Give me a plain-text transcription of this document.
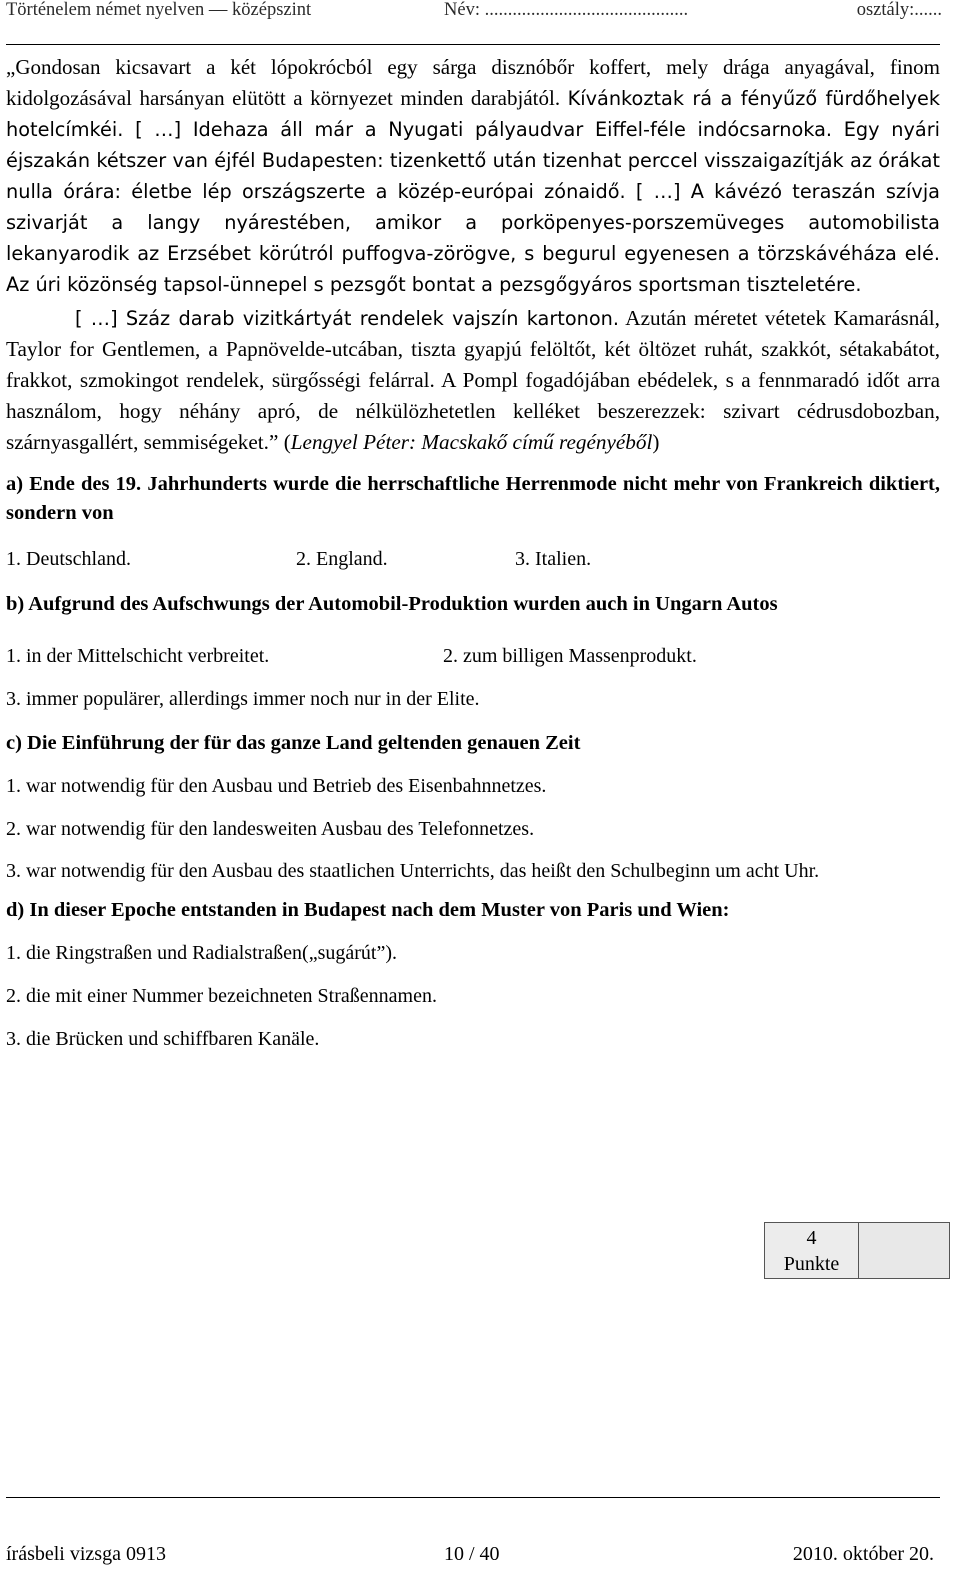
Történelem német nyelven — középszint	Név: ............................................	osztály:......

„Gondosan kicsavart a két lópokrócból egy sárga disznóbőr koffert, mely drága anyagával, finom kidolgozásával harsányan elütött a környezet minden darabjától. Kívánkoztak rá a fényűző fürdőhelyek hotelcímkéi. [ …] Idehaza áll már a Nyugati pályaudvar Eiffel-féle indócsarnoka. Egy nyári éjszakán kétszer van éjfél Budapesten: tizenkettő után tizenhat perccel visszaigazítják az órákat nulla órára: életbe lép országszerte a közép-európai zónaidő. [ …] A kávézó teraszán szívja szivarját a langy nyárestében, amikor a porköpenyes-porszemüveges automobilista lekanyarodik az Erzsébet körútról puffogva-zörögve, s begurul egyenesen a törzskávéháza elé. Az úri közönség tapsol-ünnepel s pezsgőt bontat a pezsgőgyáros sportsman tiszteletére.

[ …] Száz darab vizitkártyát rendelek vajszín kartonon. Azután méretet vétetek Kamarásnál, Taylor for Gentlemen, a Papnövelde-utcában, tiszta gyapjú felöltőt, két öltözet ruhát, szakkót, sétakabátot, frakkot, szmokingot rendelek, sürgősségi felárral. A Pompl fogadójában ebédelek, s a fennmaradó időt arra használom, hogy néhány apró, de nélkülözhetetlen kelléket beszerezzek: szivart cédrusdobozban, szárnyasgallért, semmiségeket.” (Lengyel Péter: Macskakő című regényéből)

a) Ende des 19. Jahrhunderts wurde die herrschaftliche Herrenmode nicht mehr von Frankreich diktiert, sondern von

1. Deutschland.	2. England.	3. Italien.

b) Aufgrund des Aufschwungs der Automobil-Produktion wurden auch in Ungarn Autos

1. in der Mittelschicht verbreitet.	2. zum billigen Massenprodukt.
3. immer populärer, allerdings immer noch nur in der Elite.

c) Die Einführung der für das ganze Land geltenden genauen Zeit

1. war notwendig für den Ausbau und Betrieb des Eisenbahnnetzes.
2. war notwendig für den landesweiten Ausbau des Telefonnetzes.

3. war notwendig für den Ausbau des staatlichen Unterrichts, das heißt den Schulbeginn um acht Uhr.

d) In dieser Epoche entstanden in Budapest nach dem Muster von Paris und Wien:

1. die Ringstraßen und Radialstraßen(„sugárút”).
2. die mit einer Nummer bezeichneten Straßennamen.
3. die Brücken und schiffbaren Kanäle.
4
Punkte
írásbeli vizsga 0913	10 / 40	2010. október 20.
